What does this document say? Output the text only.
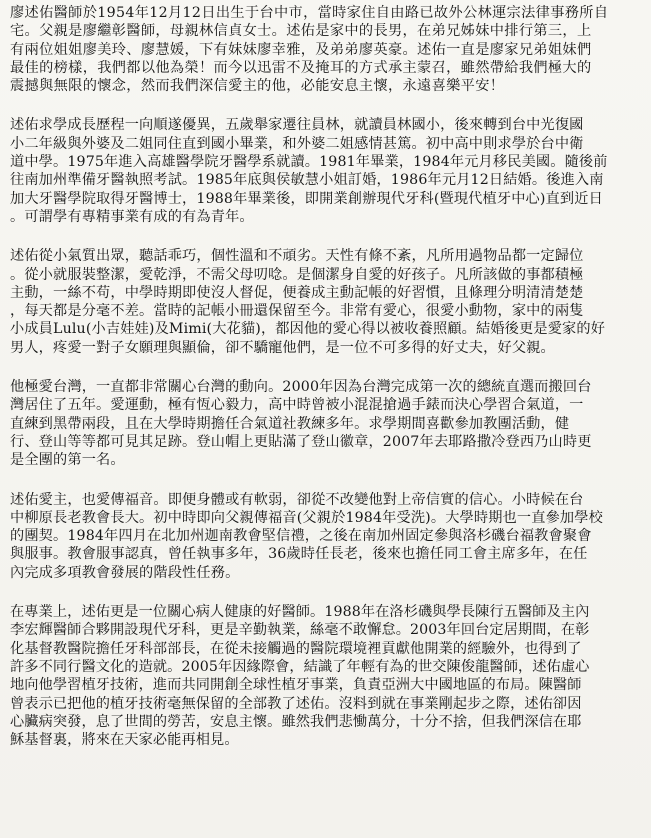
廖述佑醫師於1954年12月12日出生于台中市，當時家住自由路已故外公林運宗法律事務所自
宅。父親是廖繼彰醫師，母親林信貞女士。述佑是家中的長男，在弟兄姊妹中排行第三，上
有兩位姐姐廖美玲、廖慧媛，下有妹妹廖幸雅，及弟弟廖英豪。述佑一直是廖家兄弟姐妹們
最佳的榜樣，我們都以他為榮！而今以迅雷不及掩耳的方式承主蒙召，雖然帶給我們極大的
震撼與無限的懷念，然而我們深信愛主的他，必能安息主懷，永遠喜樂平安！
述佑求學成長歷程一向順遂優異，五歲舉家遷往員林，就讀員林國小，後來轉到台中光復國
小二年級與外婆及二姐同住直到國小畢業，和外婆二姐感情甚篤。初中高中則求學於台中衛
道中學。1975年進入高雄醫學院牙醫學系就讀。1981年畢業，1984年元月移民美國。隨後前
往南加州準備牙醫執照考試。1985年底與侯敏慧小姐訂婚，1986年元月12日結婚。後進入南
加大牙醫學院取得牙醫博士，1988年畢業後，即開業創辦現代牙科(暨現代植牙中心)直到近日
。可謂學有專精事業有成的有為青年。
述佑從小氣質出眾，聽話乖巧，個性溫和不頑劣。天性有條不紊，凡所用過物品都一定歸位
。從小就服裝整潔，愛乾淨，不需父母叨唸。是個潔身自愛的好孩子。凡所該做的事都積極
主動，一絲不苟，中學時期即使沒人督促，便養成主動記帳的好習慣，且條理分明清清楚楚
，每天都是分毫不差。當時的記帳小冊還保留至今。非常有愛心，很愛小動物，家中的兩隻
小成員Lulu(小吉娃娃)及Mimi(大花貓)，都因他的愛心得以被收養照顧。結婚後更是愛家的好
男人，疼愛一對子女願理與顯倫，卻不驕寵他們，是一位不可多得的好丈夫，好父親。
他極愛台灣，一直都非常關心台灣的動向。2000年因為台灣完成第一次的總統直選而搬回台
灣居住了五年。愛運動，極有恆心毅力，高中時曾被小混混搶過手錶而決心學習合氣道，一
直練到黑帶兩段，且在大學時期擔任合氣道社教練多年。求學期間喜歡參加教團活動，健
行、登山等等都可見其足跡。登山帽上更貼滿了登山徽章，2007年去耶路撒冷登西乃山時更
是全團的第一名。
述佑愛主，也愛傳福音。即便身體或有軟弱，卻從不改變他對上帝信實的信心。小時候在台
中柳原長老教會長大。初中時即向父親傳福音(父親於1984年受洗)。大學時期也一直參加學校
的團契。1984年四月在北加州迦南教會堅信禮，之後在南加州固定參與洛杉磯台福教會聚會
與服事。教會服事認真，曾任執事多年，36歲時任長老，後來也擔任同工會主席多年，在任
內完成多項教會發展的階段性任務。
在專業上，述佑更是一位關心病人健康的好醫師。1988年在洛杉磯與學長陳行五醫師及主內
李宏輝醫師合夥開設現代牙科，更是辛勤執業，絲毫不敢懈怠。2003年回台定居期間，在彰
化基督教醫院擔任牙科部部長，在從未接觸過的醫院環境裡貢獻他開業的經驗外，也得到了
許多不同行醫文化的造就。2005年因緣際會，結識了年輕有為的世交陳俊龍醫師，述佑虛心
地向他學習植牙技術，進而共同開創全球性植牙事業，負責亞洲大中國地區的布局。陳醫師
曾表示已把他的植牙技術毫無保留的全部教了述佑。沒料到就在事業剛起步之際，述佑卻因
心臟病突發，息了世間的勞苦，安息主懷。雖然我們悲慟萬分，十分不捨，但我們深信在耶
穌基督裏，將來在天家必能再相見。
